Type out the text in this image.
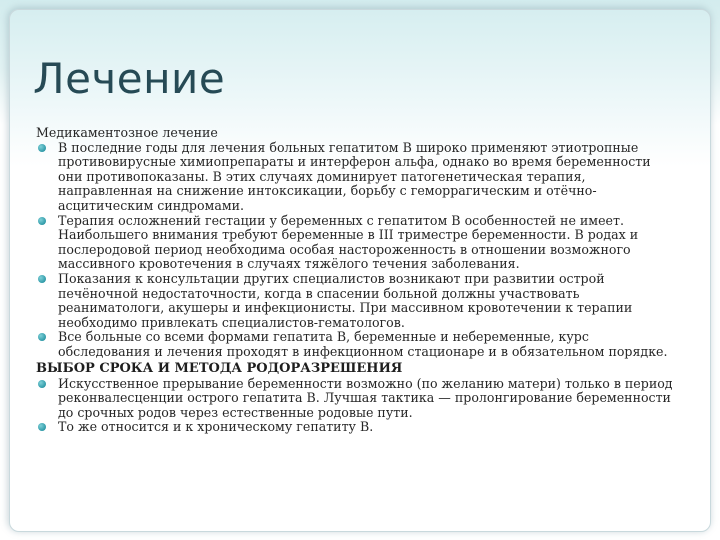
Лечение

Медикаментозное лечение

В последние годы для лечения больных гепатитом В широко применяют этиотропные противовирусные химиопрепараты и интерферон альфа, однако во время беременности они противопоказаны. В этих случаях доминирует патогенетическая терапия, направленная на снижение интоксикации, борьбу с геморрагическим и отёчно-асцитическим синдромами.
Терапия осложнений гестации у беременных с гепатитом В особенностей не имеет. Наибольшего внимания требуют беременные в III триместре беременности. В родах и послеродовой период необходима особая настороженность в отношении возможного массивного кровотечения в случаях тяжёлого течения заболевания.
Показания к консультации других специалистов возникают при развитии острой печёночной недостаточности, когда в спасении больной должны участвовать реаниматологи, акушеры и инфекционисты. При массивном кровотечении к терапии необходимо привлекать специалистов-гематологов.
Все больные со всеми формами гепатита В, беременные и небеременные, курс обследования и лечения проходят в инфекционном стационаре и в обязательном порядке.

ВЫБОР СРОКА И МЕТОДА РОДОРАЗРЕШЕНИЯ

Искусственное прерывание беременности возможно (по желанию матери) только в период реконвалесценции острого гепатита В. Лучшая тактика — пролонгирование беременности до срочных родов через естественные родовые пути.
То же относится и к хроническому гепатиту В.
